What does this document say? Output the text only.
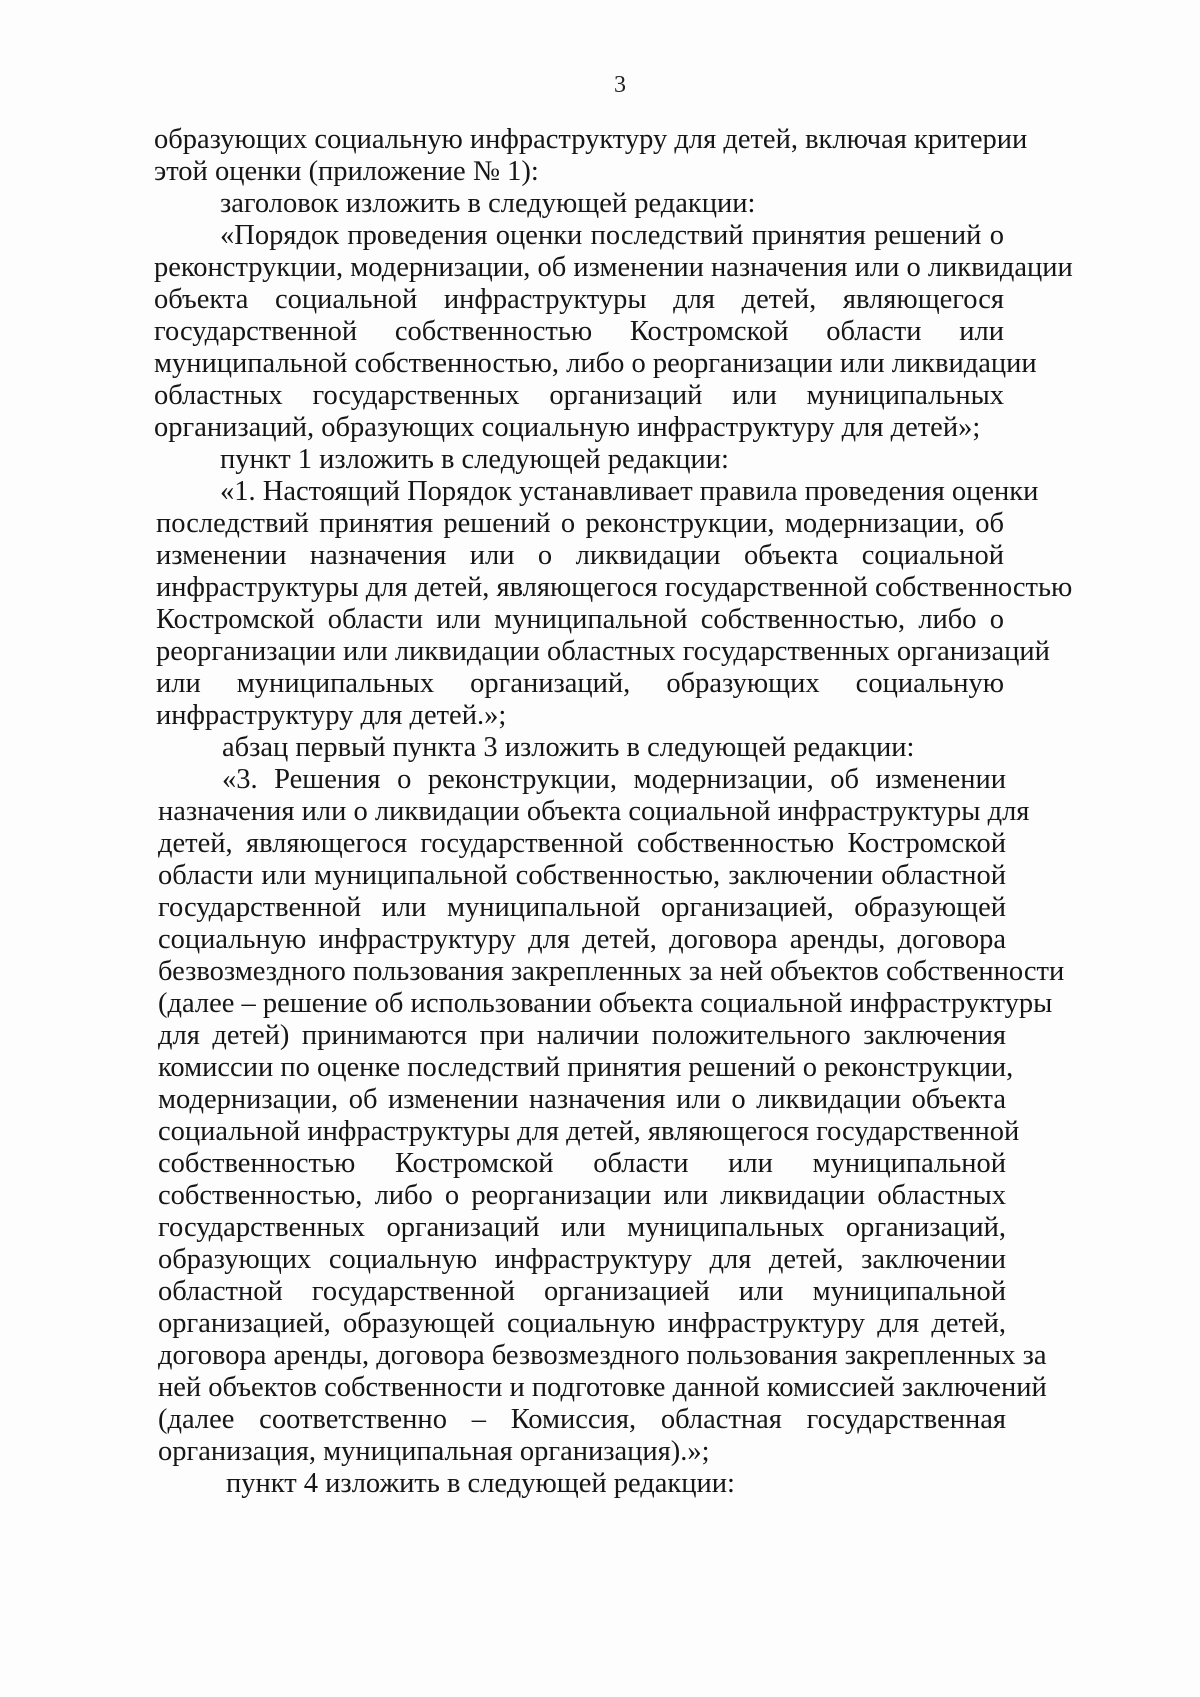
3
образующих социальную инфраструктуру для детей, включая критерии
этой оценки (приложение № 1):
заголовок изложить в следующей редакции:
«Порядок проведения оценки последствий принятия решений о
реконструкции, модернизации, об изменении назначения или о ликвидации
объекта социальной инфраструктуры для детей, являющегося
государственной собственностью Костромской области или
муниципальной собственностью, либо о реорганизации или ликвидации
областных государственных организаций или муниципальных
организаций, образующих социальную инфраструктуру для детей»;
пункт 1 изложить в следующей редакции:
«1. Настоящий Порядок устанавливает правила проведения оценки
последствий принятия решений о реконструкции, модернизации, об
изменении назначения или о ликвидации объекта социальной
инфраструктуры для детей, являющегося государственной собственностью
Костромской области или муниципальной собственностью, либо о
реорганизации или ликвидации областных государственных организаций
или муниципальных организаций, образующих социальную
инфраструктуру для детей.»;
абзац первый пункта 3 изложить в следующей редакции:
«3. Решения о реконструкции, модернизации, об изменении
назначения или о ликвидации объекта социальной инфраструктуры для
детей, являющегося государственной собственностью Костромской
области или муниципальной собственностью, заключении областной
государственной или муниципальной организацией, образующей
социальную инфраструктуру для детей, договора аренды, договора
безвозмездного пользования закрепленных за ней объектов собственности
(далее – решение об использовании объекта социальной инфраструктуры
для детей) принимаются при наличии положительного заключения
комиссии по оценке последствий принятия решений о реконструкции,
модернизации, об изменении назначения или о ликвидации объекта
социальной инфраструктуры для детей, являющегося государственной
собственностью Костромской области или муниципальной
собственностью, либо о реорганизации или ликвидации областных
государственных организаций или муниципальных организаций,
образующих социальную инфраструктуру для детей, заключении
областной государственной организацией или муниципальной
организацией, образующей социальную инфраструктуру для детей,
договора аренды, договора безвозмездного пользования закрепленных за
ней объектов собственности и подготовке данной комиссией заключений
(далее соответственно – Комиссия, областная государственная
организация, муниципальная организация).»;
пункт 4 изложить в следующей редакции:
